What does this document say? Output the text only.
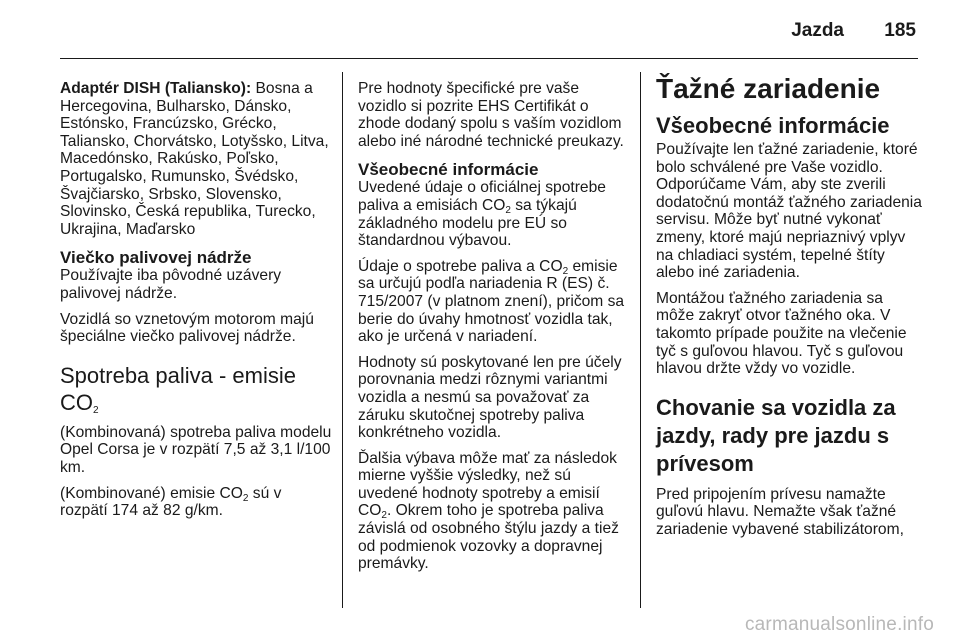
Jazda 185

Adaptér DISH (Taliansko): Bosna a Hercegovina, Bulharsko, Dánsko, Estónsko, Francúzsko, Grécko, Taliansko, Chorvátsko, Lotyšsko, Litva, Macedónsko, Rakúsko, Poľsko, Portugalsko, Rumunsko, Švédsko, Švajčiarsko, Srbsko, Slovensko, Slovinsko, Česká republika, Turecko, Ukrajina, Maďarsko

Viečko palivovej nádrže

Používajte iba pôvodné uzávery palivovej nádrže.

Vozidlá so vznetovým motorom majú špeciálne viečko palivovej nádrže.

Spotreba paliva - emisie $CO_2$

(Kombinovaná) spotreba paliva modelu Opel Corsa je v rozpätí 7,5 až 3,1 l/100 km.

(Kombinované) emisie $CO_2$ sú v rozpätí 174 až 82 g/km.

Pre hodnoty špecifické pre vaše vozidlo si pozrite EHS Certifikát o zhode dodaný spolu s vaším vozidlom alebo iné národné technické preukazy.

Všeobecné informácie

Uvedené údaje o oficiálnej spotrebe paliva a emisiách $CO_2$ sa týkajú základného modelu pre EÚ so štandardnou výbavou.

Údaje o spotrebe paliva a $CO_2$ emisie sa určujú podľa nariadenia R (ES) č. 715/2007 (v platnom znení), pričom sa berie do úvahy hmotnosť vozidla tak, ako je určená v nariadení.

Hodnoty sú poskytované len pre účely porovnania medzi rôznymi variantmi vozidla a nesmú sa považovať za záruku skutočnej spotreby paliva konkrétneho vozidla.

Ďalšia výbava môže mať za následok mierne vyššie výsledky, než sú uvedené hodnoty spotreby a emisií $CO_2$. Okrem toho je spotreba paliva závislá od osobného štýlu jazdy a tiež od podmienok vozovky a dopravnej premávky.

Ťažné zariadenie
Všeobecné informácie

Používajte len ťažné zariadenie, ktoré bolo schválené pre Vaše vozidlo. Odporúčame Vám, aby ste zverili dodatočnú montáž ťažného zariadenia servisu. Môže byť nutné vykonať zmeny, ktoré majú nepriaznivý vplyv na chladiaci systém, tepelné štíty alebo iné zariadenia.

Montážou ťažného zariadenia sa môže zakryť otvor ťažného oka. V takomto prípade použite na vlečenie tyč s guľovou hlavou. Tyč s guľovou hlavou držte vždy vo vozidle.

Chovanie sa vozidla za jazdy, rady pre jazdu s prívesom

Pred pripojením prívesu namažte guľovú hlavu. Nemažte však ťažné zariadenie vybavené stabilizátorom,

carmanualsonline.info
